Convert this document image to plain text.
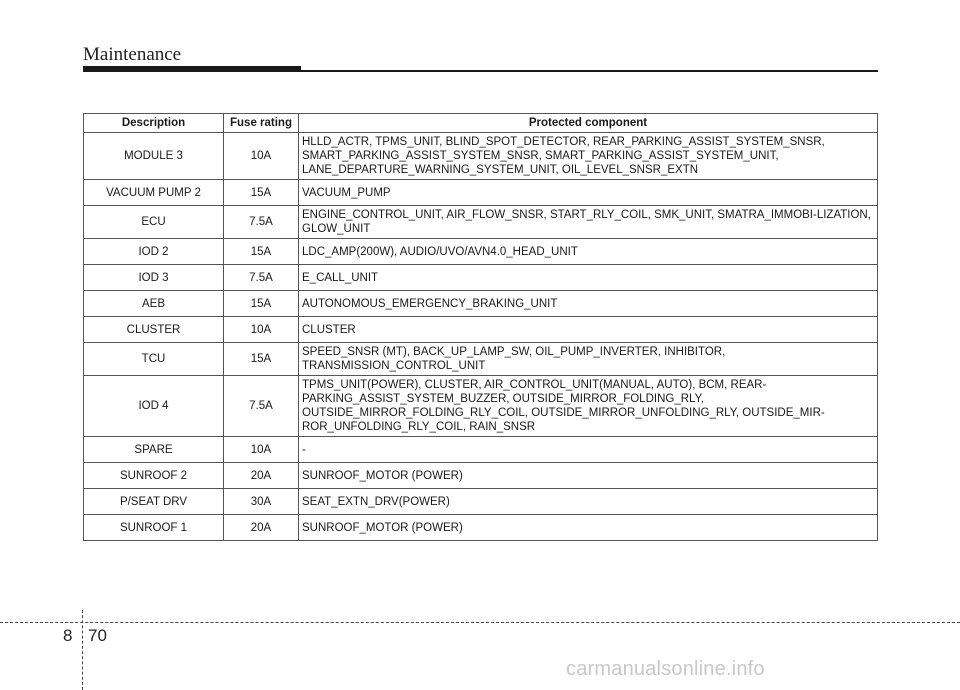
Maintenance
Description	Fuse rating	Protected component
MODULE 3	10A	HLLD_ACTR, TPMS_UNIT, BLIND_SPOT_DETECTOR, REAR_PARKING_ASSIST_SYSTEM_SNSR, SMART_PARKING_ASSIST_SYSTEM_SNSR, SMART_PARKING_ASSIST_SYSTEM_UNIT, LANE_DEPARTURE_WARNING_SYSTEM_UNIT, OIL_LEVEL_SNSR_EXTN
VACUUM PUMP 2	15A	VACUUM_PUMP
ECU	7.5A	ENGINE_CONTROL_UNIT, AIR_FLOW_SNSR, START_RLY_COIL, SMK_UNIT, SMATRA_IMMOBI-LIZATION, GLOW_UNIT
IOD 2	15A	LDC_AMP(200W), AUDIO/UVO/AVN4.0_HEAD_UNIT
IOD 3	7.5A	E_CALL_UNIT
AEB	15A	AUTONOMOUS_EMERGENCY_BRAKING_UNIT
CLUSTER	10A	CLUSTER
TCU	15A	SPEED_SNSR (MT), BACK_UP_LAMP_SW, OIL_PUMP_INVERTER, INHIBITOR, TRANSMISSION_CONTROL_UNIT
IOD 4	7.5A	TPMS_UNIT(POWER), CLUSTER, AIR_CONTROL_UNIT(MANUAL, AUTO), BCM, REAR-PARKING_ASSIST_SYSTEM_BUZZER, OUTSIDE_MIRROR_FOLDING_RLY, OUTSIDE_MIRROR_FOLDING_RLY_COIL, OUTSIDE_MIRROR_UNFOLDING_RLY, OUTSIDE_MIR-ROR_UNFOLDING_RLY_COIL, RAIN_SNSR
SPARE	10A	-
SUNROOF 2	20A	SUNROOF_MOTOR (POWER)
P/SEAT DRV	30A	SEAT_EXTN_DRV(POWER)
SUNROOF 1	20A	SUNROOF_MOTOR (POWER)
8 70
carmanualsonline.info
